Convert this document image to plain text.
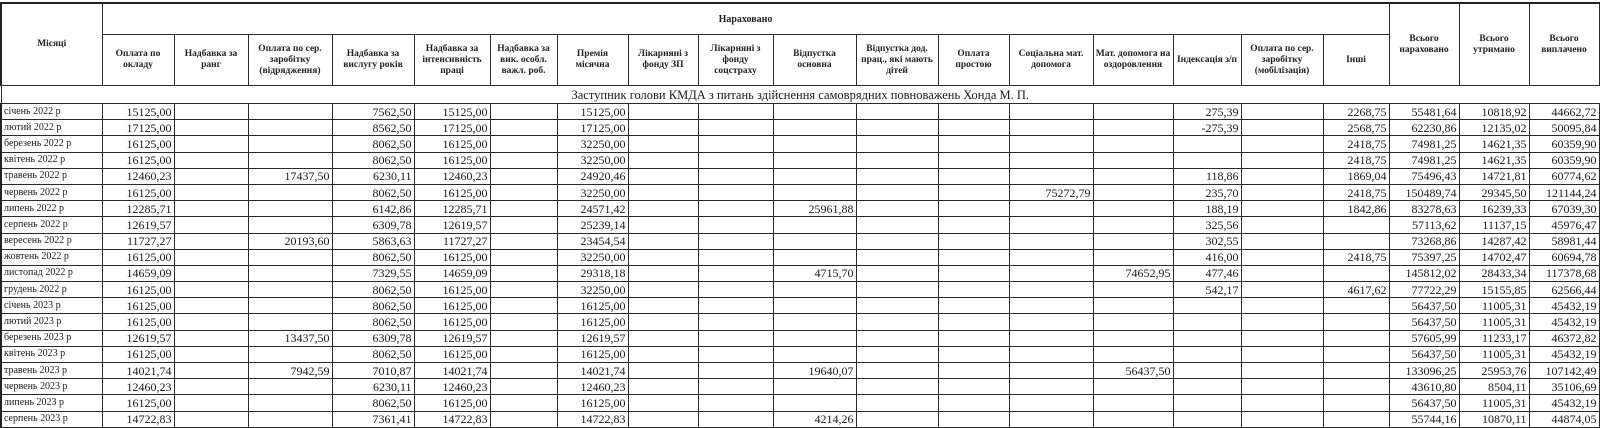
Місяці	Нараховано																	Всього нараховано	Всього утримано	Всього виплачено
	Оплата по окладу	Надбавка за ранг	Оплата по сер. заробітку (відрядження)	Надбавка за вислугу років	Надбавка за інтенсивність праці	Надбавка за вик. особл. важл. роб.	Премія місячна	Лікарняні з фонду ЗП	Лікарняні з фонду соцстраху	Відпустка основна	Відпустка дод. прац., які мають дітей	Оплата простою	Соціальна мат. допомога	Мат. допомога на оздоровлення	Індексація з/п	Оплата по сер. заробітку (мобілізація)	Інші			
Заступник голови КМДА з питань здійснення самоврядних повноважень Хонда М. П.																				
січень 2022 р	15125,00			7562,50	15125,00		15125,00								275,39		2268,75	55481,64	10818,92	44662,72
лютий 2022 р	17125,00			8562,50	17125,00		17125,00								-275,39		2568,75	62230,86	12135,02	50095,84
березень 2022 р	16125,00			8062,50	16125,00		32250,00										2418,75	74981,25	14621,35	60359,90
квітень 2022 р	16125,00			8062,50	16125,00		32250,00										2418,75	74981,25	14621,35	60359,90
травень 2022 р	12460,23		17437,50	6230,11	12460,23		24920,46								118,86		1869,04	75496,43	14721,81	60774,62
червень 2022 р	16125,00			8062,50	16125,00		32250,00						75272,79		235,70		2418,75	150489,74	29345,50	121144,24
липень 2022 р	12285,71			6142,86	12285,71		24571,42			25961,88					188,19		1842,86	83278,63	16239,33	67039,30
серпень 2022 р	12619,57			6309,78	12619,57		25239,14								325,56			57113,62	11137,15	45976,47
вересень 2022 р	11727,27		20193,60	5863,63	11727,27		23454,54								302,55			73268,86	14287,42	58981,44
жовтень 2022 р	16125,00			8062,50	16125,00		32250,00								416,00		2418,75	75397,25	14702,47	60694,78
листопад 2022 р	14659,09			7329,55	14659,09		29318,18			4715,70				74652,95	477,46			145812,02	28433,34	117378,68
грудень 2022 р	16125,00			8062,50	16125,00		32250,00								542,17		4617,62	77722,29	15155,85	62566,44
січень 2023 р	16125,00			8062,50	16125,00		16125,00											56437,50	11005,31	45432,19
лютий 2023 р	16125,00			8062,50	16125,00		16125,00											56437,50	11005,31	45432,19
березень 2023 р	12619,57		13437,50	6309,78	12619,57		12619,57											57605,99	11233,17	46372,82
квітень 2023 р	16125,00			8062,50	16125,00		16125,00											56437,50	11005,31	45432,19
травень 2023 р	14021,74		7942,59	7010,87	14021,74		14021,74			19640,07				56437,50				133096,25	25953,76	107142,49
червень 2023 р	12460,23			6230,11	12460,23		12460,23											43610,80	8504,11	35106,69
липень 2023 р	16125,00			8062,50	16125,00		16125,00											56437,50	11005,31	45432,19
серпень 2023 р	14722,83			7361,41	14722,83		14722,83			4214,26								55744,16	10870,11	44874,05
